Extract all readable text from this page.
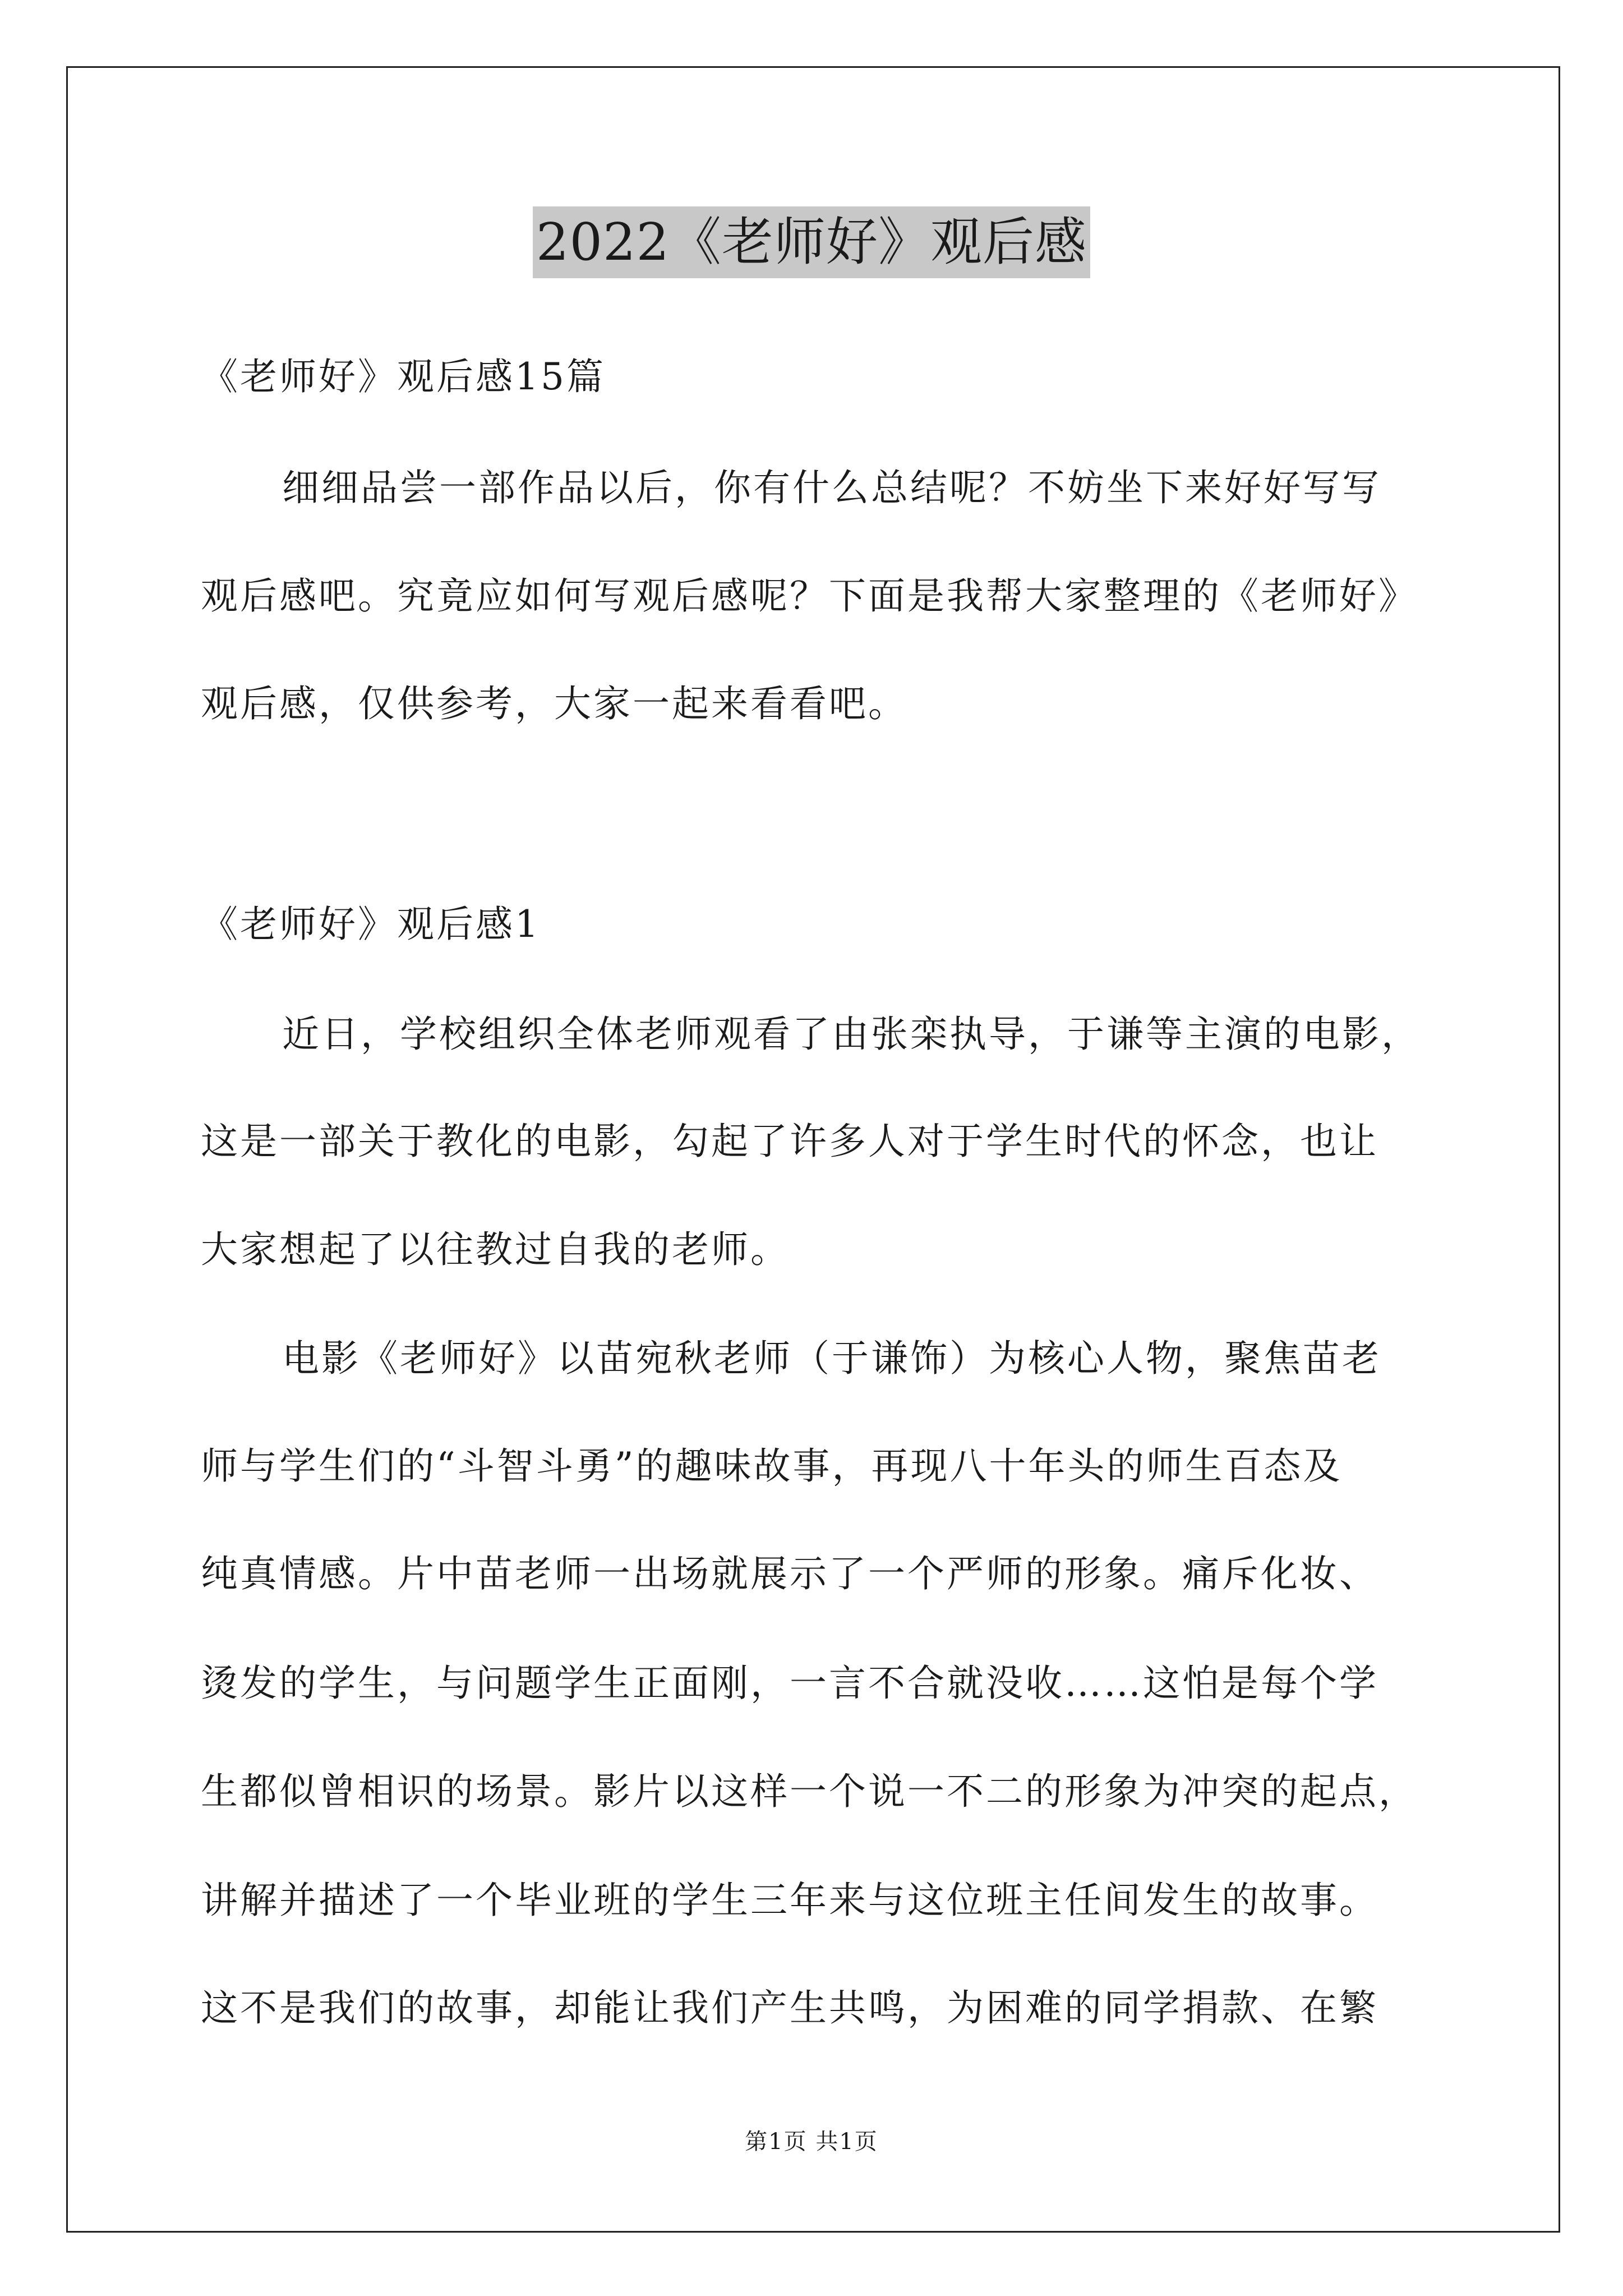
2022《老师好》观后感
《老师好》观后感15篇
细细品尝一部作品以后，你有什么总结呢？不妨坐下来好好写写
观后感吧。究竟应如何写观后感呢？下面是我帮大家整理的《老师好》
观后感，仅供参考，大家一起来看看吧。
《老师好》观后感1
近日，学校组织全体老师观看了由张栾执导，于谦等主演的电影，
这是一部关于教化的电影，勾起了许多人对于学生时代的怀念，也让
大家想起了以往教过自我的老师。
电影《老师好》以苗宛秋老师（于谦饰）为核心人物，聚焦苗老
师与学生们的“斗智斗勇”的趣味故事，再现八十年头的师生百态及
纯真情感。片中苗老师一出场就展示了一个严师的形象。痛斥化妆、
烫发的学生，与问题学生正面刚，一言不合就没收……这怕是每个学
生都似曾相识的场景。影片以这样一个说一不二的形象为冲突的起点，
讲解并描述了一个毕业班的学生三年来与这位班主任间发生的故事。
这不是我们的故事，却能让我们产生共鸣，为困难的同学捐款、在繁
第1页 共1页
